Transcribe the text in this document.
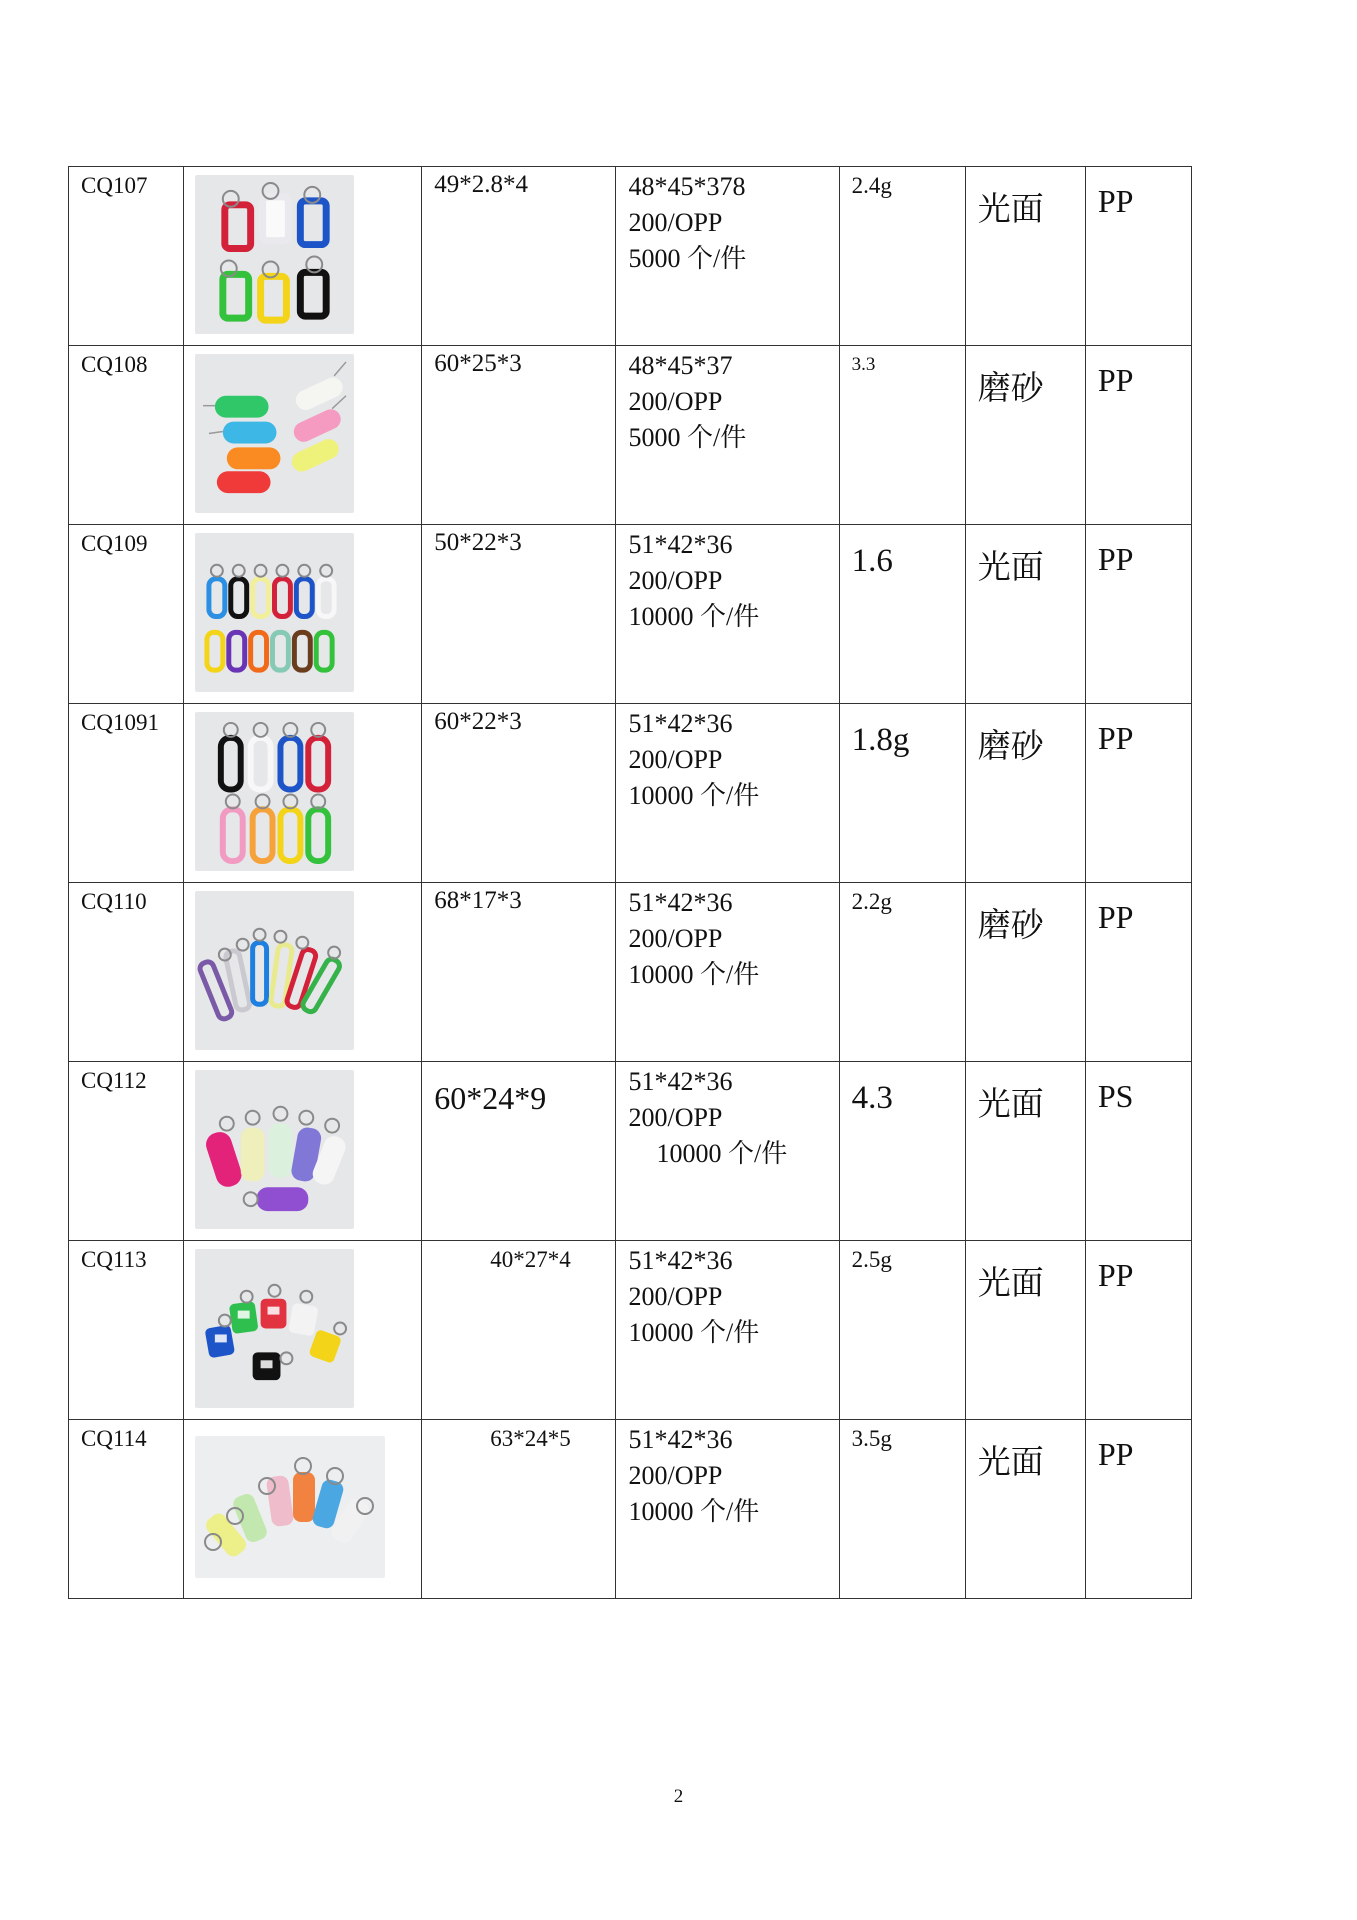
CQ107		49*2.8*4	48*45*378
200/OPP
5000 个/件	2.4g	光面	PP

CQ108		60*25*3	48*45*37
200/OPP
5000 个/件	3.3	磨砂	PP

CQ109		50*22*3	51*42*36
200/OPP
10000 个/件	1.6	光面	PP

CQ1091		60*22*3	51*42*36
200/OPP
10000 个/件	1.8g	磨砂	PP

CQ110		68*17*3	51*42*36
200/OPP
10000 个/件	2.2g	磨砂	PP

CQ112		60*24*9	51*42*36
200/OPP
10000 个/件	4.3	光面	PS

CQ113		40*27*4	51*42*36
200/OPP
10000 个/件	2.5g	光面	PP

CQ114		63*24*5	51*42*36
200/OPP
10000 个/件	3.5g	光面	PP
2
